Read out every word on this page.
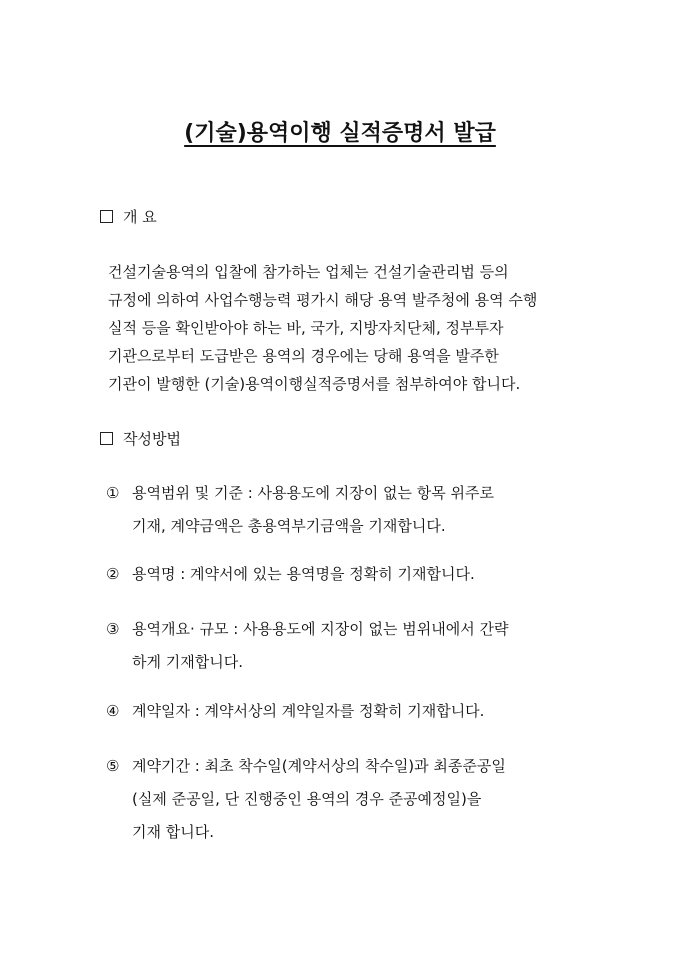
(기술)용역이행 실적증명서 발급
개 요
건설기술용역의 입찰에 참가하는 업체는 건설기술관리법 등의
규정에 의하여 사업수행능력 평가시 해당 용역 발주청에 용역 수행
실적 등을 확인받아야 하는 바, 국가, 지방자치단체, 정부투자
기관으로부터 도급받은 용역의 경우에는 당해 용역을 발주한
기관이 발행한 (기술)용역이행실적증명서를 첨부하여야 합니다.
작성방법
① 용역범위 및 기준 : 사용용도에 지장이 없는 항목 위주로
기재, 계약금액은 총용역부기금액을 기재합니다.
② 용역명 : 계약서에 있는 용역명을 정확히 기재합니다.
③ 용역개요· 규모 : 사용용도에 지장이 없는 범위내에서 간략
하게 기재합니다.
④ 계약일자 : 계약서상의 계약일자를 정확히 기재합니다.
⑤ 계약기간 : 최초 착수일(계약서상의 착수일)과 최종준공일
(실제 준공일, 단 진행중인 용역의 경우 준공예정일)을
기재 합니다.
